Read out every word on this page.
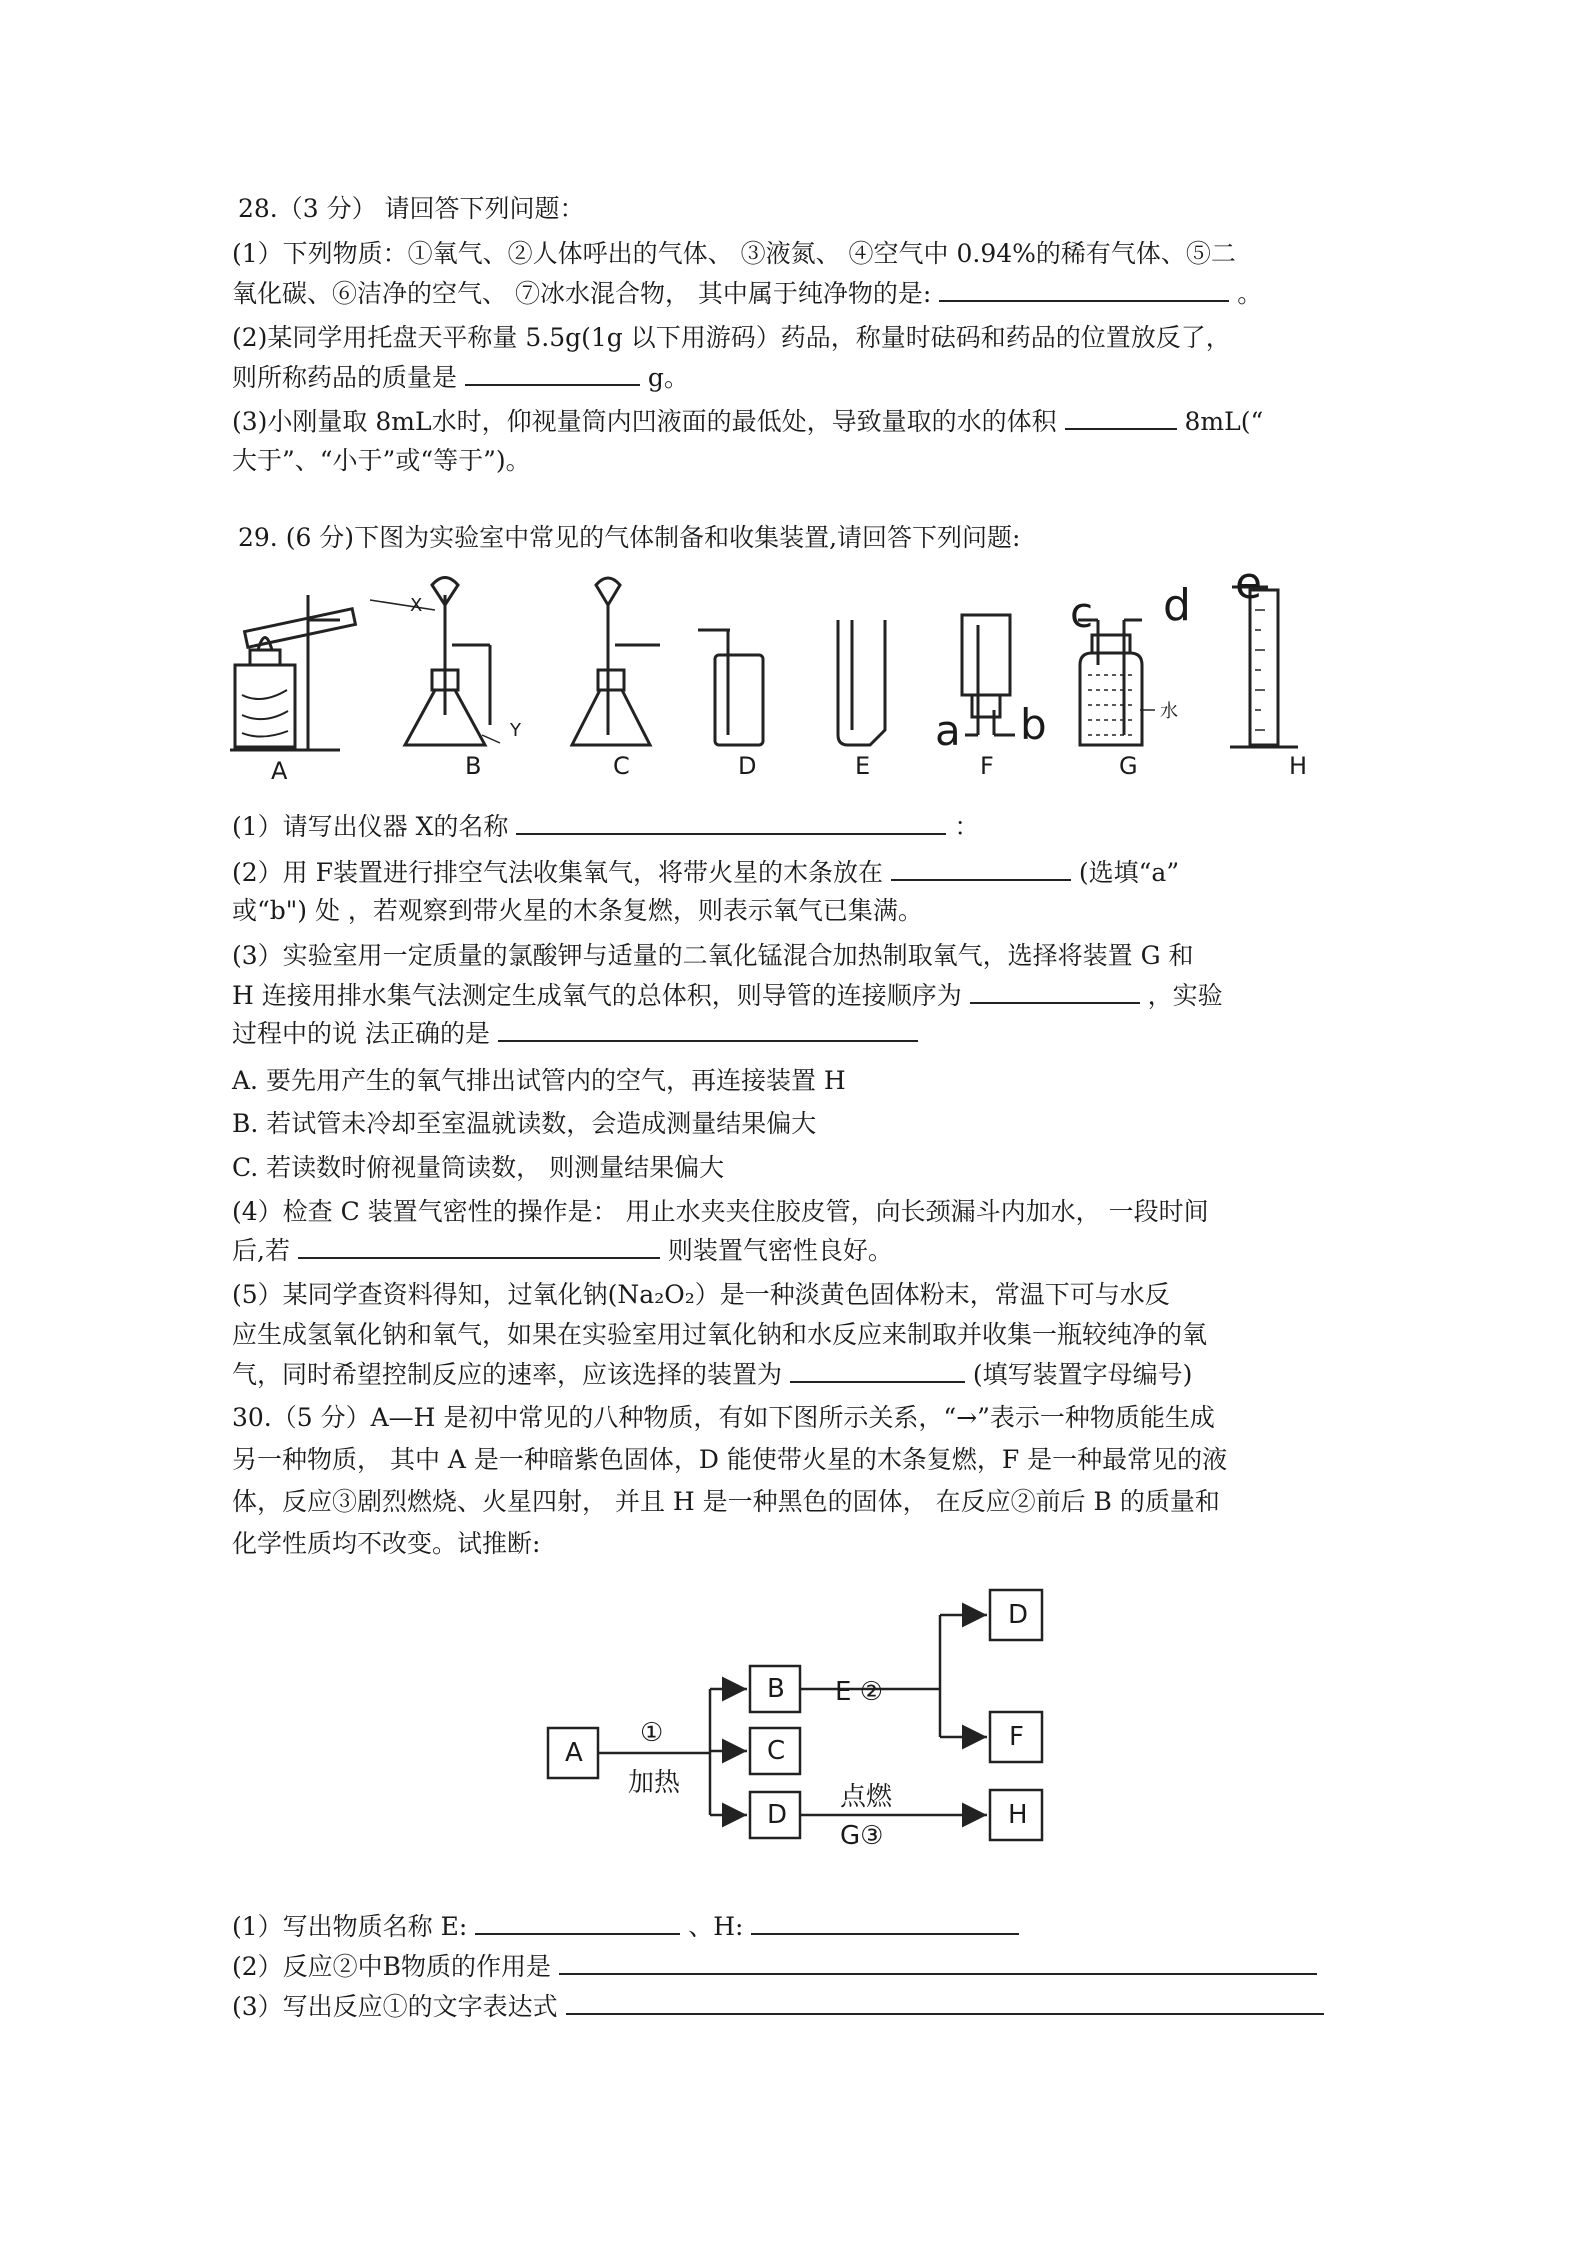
28.（3 分） 请回答下列问题：
(1）下列物质：①氧气、②人体呼出的气体、 ③液氮、 ④空气中 0.94%的稀有气体、⑤二
氧化碳、⑥洁净的空气、 ⑦冰水混合物， 其中属于纯净物的是:	。
(2)某同学用托盘天平称量 5.5g(1g 以下用游码）药品，称量时砝码和药品的位置放反了，
则所称药品的质量是	g。
(3)小刚量取 8mL水时，仰视量筒内凹液面的最低处，导致量取的水的体积	8mL(“
大于”、“小于”或“等于”)。
29. (6 分)下图为实验室中常见的气体制备和收集装置,请回答下列问题:
A	B	C	D	E	F	G	H
X
Y	a b
c d e
水
(1）请写出仪器 X的名称	：
(2）用 F装置进行排空气法收集氧气，将带火星的木条放在	(选填“a”
或“b") 处 ，若观察到带火星的木条复燃，则表示氧气已集满。
(3）实验室用一定质量的氯酸钾与适量的二氧化锰混合加热制取氧气，选择将装置 G 和
H 连接用排水集气法测定生成氧气的总体积，则导管的连接顺序为	，实验
过程中的说 法正确的是
A. 要先用产生的氧气排出试管内的空气，再连接装置 H
B. 若试管未冷却至室温就读数，会造成测量结果偏大
C. 若读数时俯视量筒读数， 则测量结果偏大
(4）检查 C 装置气密性的操作是： 用止水夹夹住胶皮管，向长颈漏斗内加水， 一段时间
后,若	则装置气密性良好。
(5）某同学查资料得知，过氧化钠(Na₂O₂）是一种淡黄色固体粉末，常温下可与水反
应生成氢氧化钠和氧气，如果在实验室用过氧化钠和水反应来制取并收集一瓶较纯净的氧
气，同时希望控制反应的速率，应该选择的装置为	(填写装置字母编号)
30.（5 分）A—H 是初中常见的八种物质，有如下图所示关系，“→”表示一种物质能生成
另一种物质， 其中 A 是一种暗紫色固体，D 能使带火星的木条复燃，F 是一种最常见的液
体，反应③剧烈燃烧、火星四射， 并且 H 是一种黑色的固体， 在反应②前后 B 的质量和
化学性质均不改变。试推断:
A
B
C
D
D
F
H
①
加热
E ②
点燃
G③
(1）写出物质名称 E:	、H:
(2）反应②中B物质的作用是
(3）写出反应①的文字表达式
